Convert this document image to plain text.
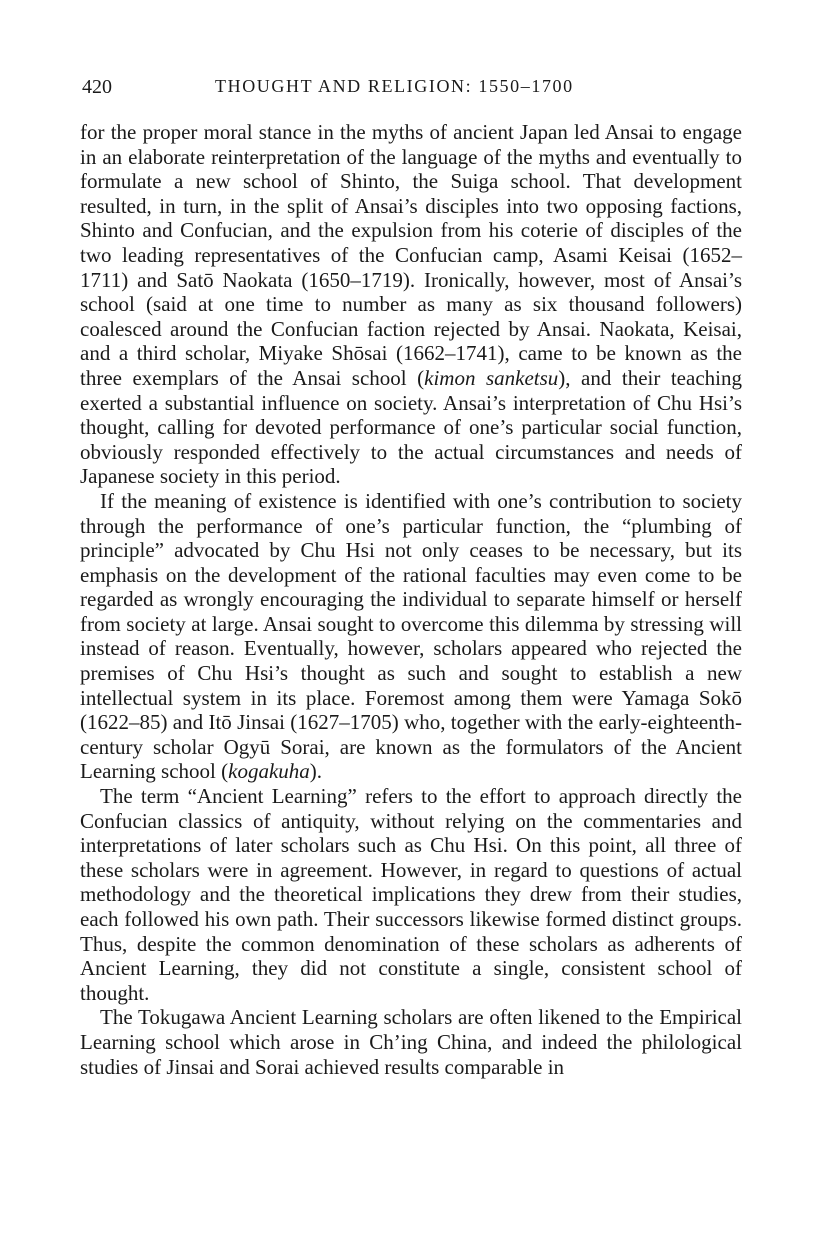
420	THOUGHT AND RELIGION: 1550–1700

for the proper moral stance in the myths of ancient Japan led Ansai to engage in an elaborate reinterpretation of the language of the myths and eventually to formulate a new school of Shinto, the Suiga school. That development resulted, in turn, in the split of Ansai’s disciples into two opposing factions, Shinto and Confucian, and the expulsion from his coterie of disciples of the two leading representatives of the Confucian camp, Asami Keisai (1652–1711) and Satō Naokata (1650–1719). Ironically, however, most of Ansai’s school (said at one time to number as many as six thousand followers) coalesced around the Confucian faction rejected by Ansai. Naokata, Keisai, and a third scholar, Miyake Shōsai (1662–1741), came to be known as the three exemplars of the Ansai school (kimon sanketsu), and their teaching exerted a substantial influence on society. Ansai’s interpretation of Chu Hsi’s thought, calling for devoted performance of one’s particular social function, obviously responded effectively to the actual circumstances and needs of Japanese society in this period.

If the meaning of existence is identified with one’s contribution to society through the performance of one’s particular function, the “plumbing of principle” advocated by Chu Hsi not only ceases to be necessary, but its emphasis on the development of the rational faculties may even come to be regarded as wrongly encouraging the individual to separate himself or herself from society at large. Ansai sought to overcome this dilemma by stressing will instead of reason. Eventually, however, scholars appeared who rejected the premises of Chu Hsi’s thought as such and sought to establish a new intellectual system in its place. Foremost among them were Yamaga Sokō (1622–85) and Itō Jinsai (1627–1705) who, together with the early-eighteenth-century scholar Ogyū Sorai, are known as the formulators of the Ancient Learning school (kogakuha).

The term “Ancient Learning” refers to the effort to approach directly the Confucian classics of antiquity, without relying on the commentaries and interpretations of later scholars such as Chu Hsi. On this point, all three of these scholars were in agreement. However, in regard to questions of actual methodology and the theoretical implications they drew from their studies, each followed his own path. Their successors likewise formed distinct groups. Thus, despite the common denomination of these scholars as adherents of Ancient Learning, they did not constitute a single, consistent school of thought.

The Tokugawa Ancient Learning scholars are often likened to the Empirical Learning school which arose in Ch’ing China, and indeed the philological studies of Jinsai and Sorai achieved results comparable in
